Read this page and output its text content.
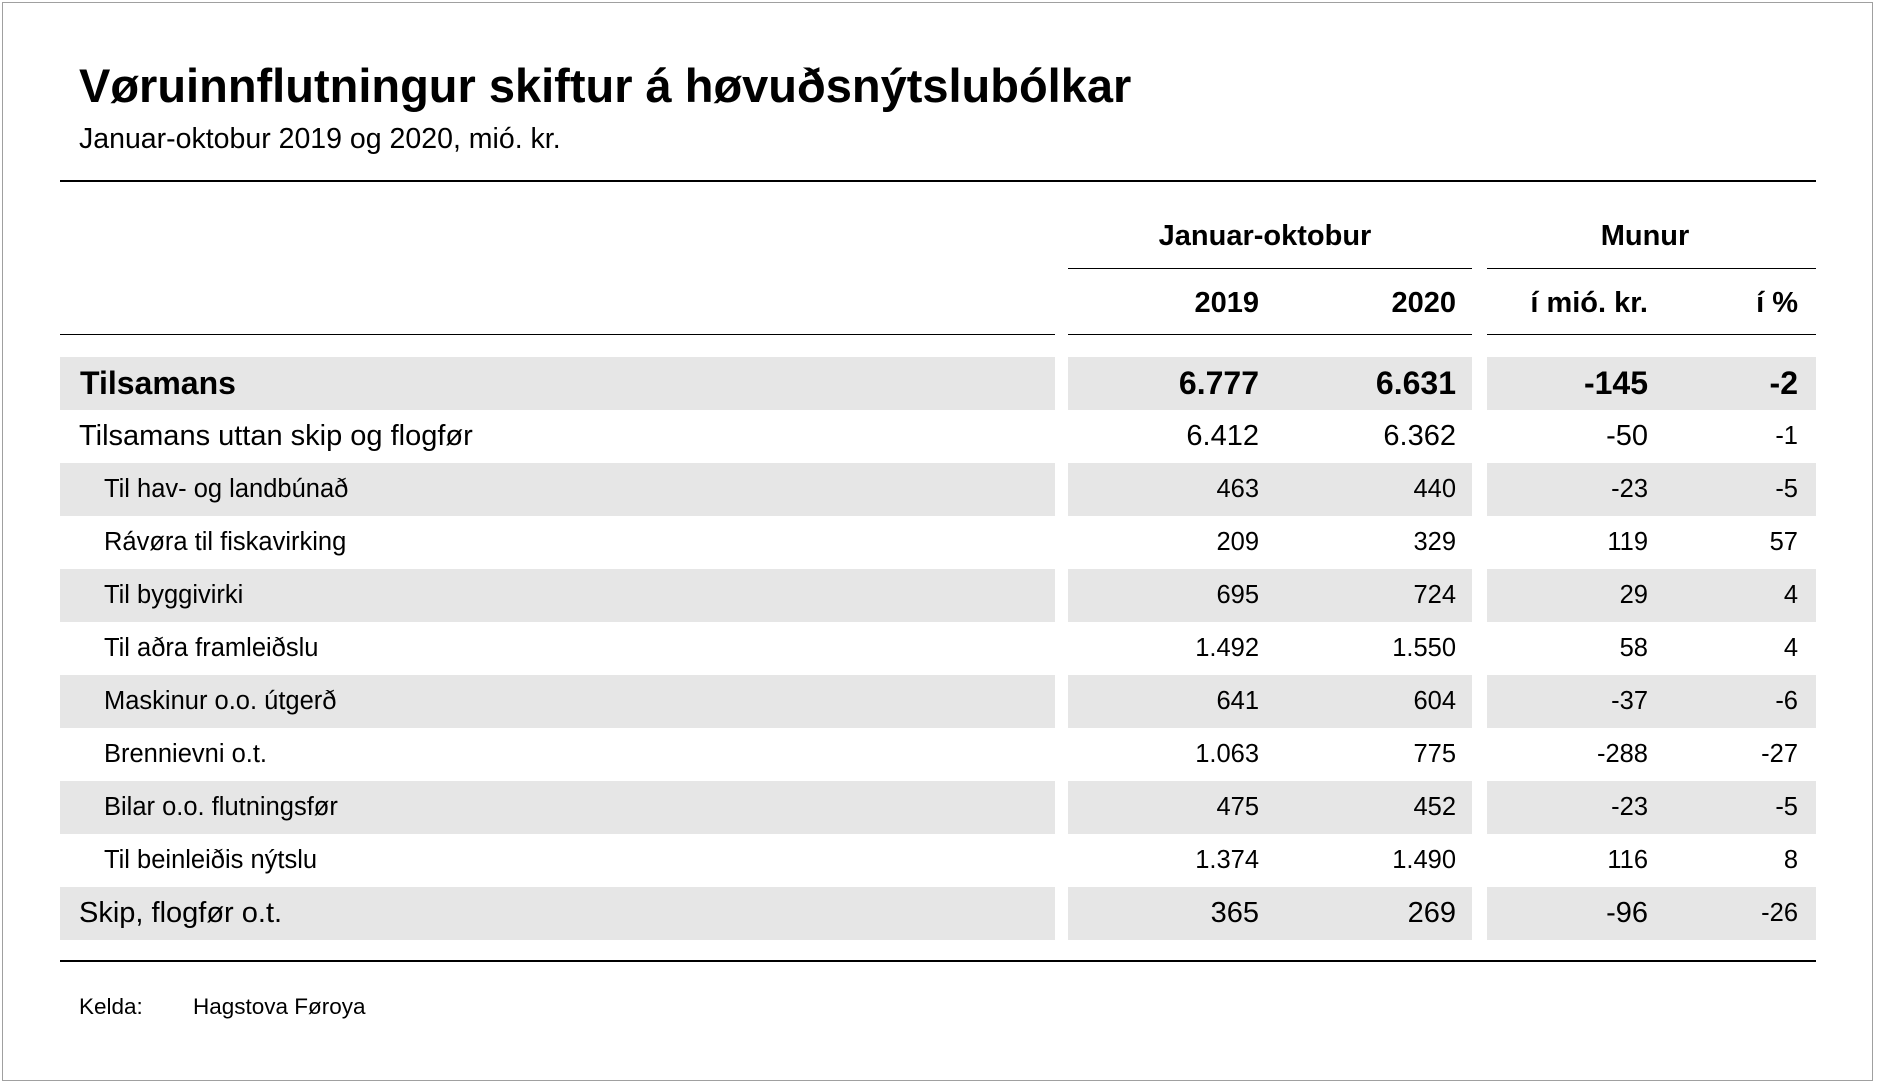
Vøruinnflutningur skiftur á høvuðsnýtslubólkar
Januar-oktobur 2019 og 2020, mió. kr.
Januar-oktobur	Munur
2019	2020	í mió. kr.	í %
Tilsamans	6.777	6.631	-145	-2
Tilsamans uttan skip og flogfør	6.412	6.362	-50	-1
Til hav- og landbúnað	463	440	-23	-5
Rávøra til fiskavirking	209	329	119	57
Til byggivirki	695	724	29	4
Til aðra framleiðslu	1.492	1.550	58	4
Maskinur o.o. útgerð	641	604	-37	-6
Brennievni o.t.	1.063	775	-288	-27
Bilar o.o. flutningsfør	475	452	-23	-5
Til beinleiðis nýtslu	1.374	1.490	116	8
Skip, flogfør o.t.	365	269	-96	-26
Kelda: Hagstova Føroya
